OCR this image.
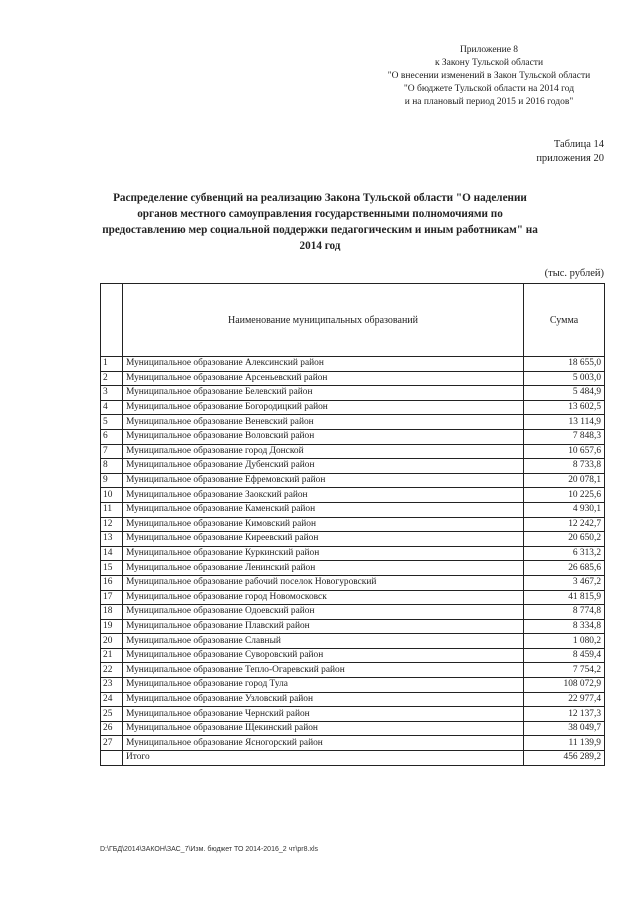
Приложение 8
к Закону Тульской области
"О внесении изменений в Закон Тульской области
"О бюджете Тульской области на 2014 год
и на плановый период 2015 и 2016 годов"
Таблица 14
приложения 20
Распределение субвенций на реализацию Закона Тульской области "О наделении органов местного самоуправления государственными полномочиями по предоставлению мер социальной поддержки педагогическим и иным работникам" на 2014 год
(тыс. рублей)
	Наименование муниципальных образований	Сумма
1	Муниципальное образование Алексинский район	18 655,0
2	Муниципальное образование Арсеньевский район	5 003,0
3	Муниципальное образование Белевский район	5 484,9
4	Муниципальное образование Богородицкий район	13 602,5
5	Муниципальное образование Веневский район	13 114,9
6	Муниципальное образование Воловский район	7 848,3
7	Муниципальное образование город Донской	10 657,6
8	Муниципальное образование Дубенский район	8 733,8
9	Муниципальное образование Ефремовский район	20 078,1
10	Муниципальное образование Заокский район	10 225,6
11	Муниципальное образование Каменский район	4 930,1
12	Муниципальное образование Кимовский район	12 242,7
13	Муниципальное образование Киреевский район	20 650,2
14	Муниципальное образование Куркинский район	6 313,2
15	Муниципальное образование Ленинский район	26 685,6
16	Муниципальное образование рабочий поселок Новогуровский	3 467,2
17	Муниципальное образование город Новомосковск	41 815,9
18	Муниципальное образование Одоевский район	8 774,8
19	Муниципальное образование Плавский район	8 334,8
20	Муниципальное образование Славный	1 080,2
21	Муниципальное образование Суворовский район	8 459,4
22	Муниципальное образование Тепло-Огаревский район	7 754,2
23	Муниципальное образование город Тула	108 072,9
24	Муниципальное образование Узловский район	22 977,4
25	Муниципальное образование Чернский район	12 137,3
26	Муниципальное образование Щекинский район	38 049,7
27	Муниципальное образование Ясногорский район	11 139,9
	Итого	456 289,2
D:\ГБД\2014\ЗАКОН\ЗАС_7\Изм. бюджет ТО 2014-2016_2 чт\pr8.xls
